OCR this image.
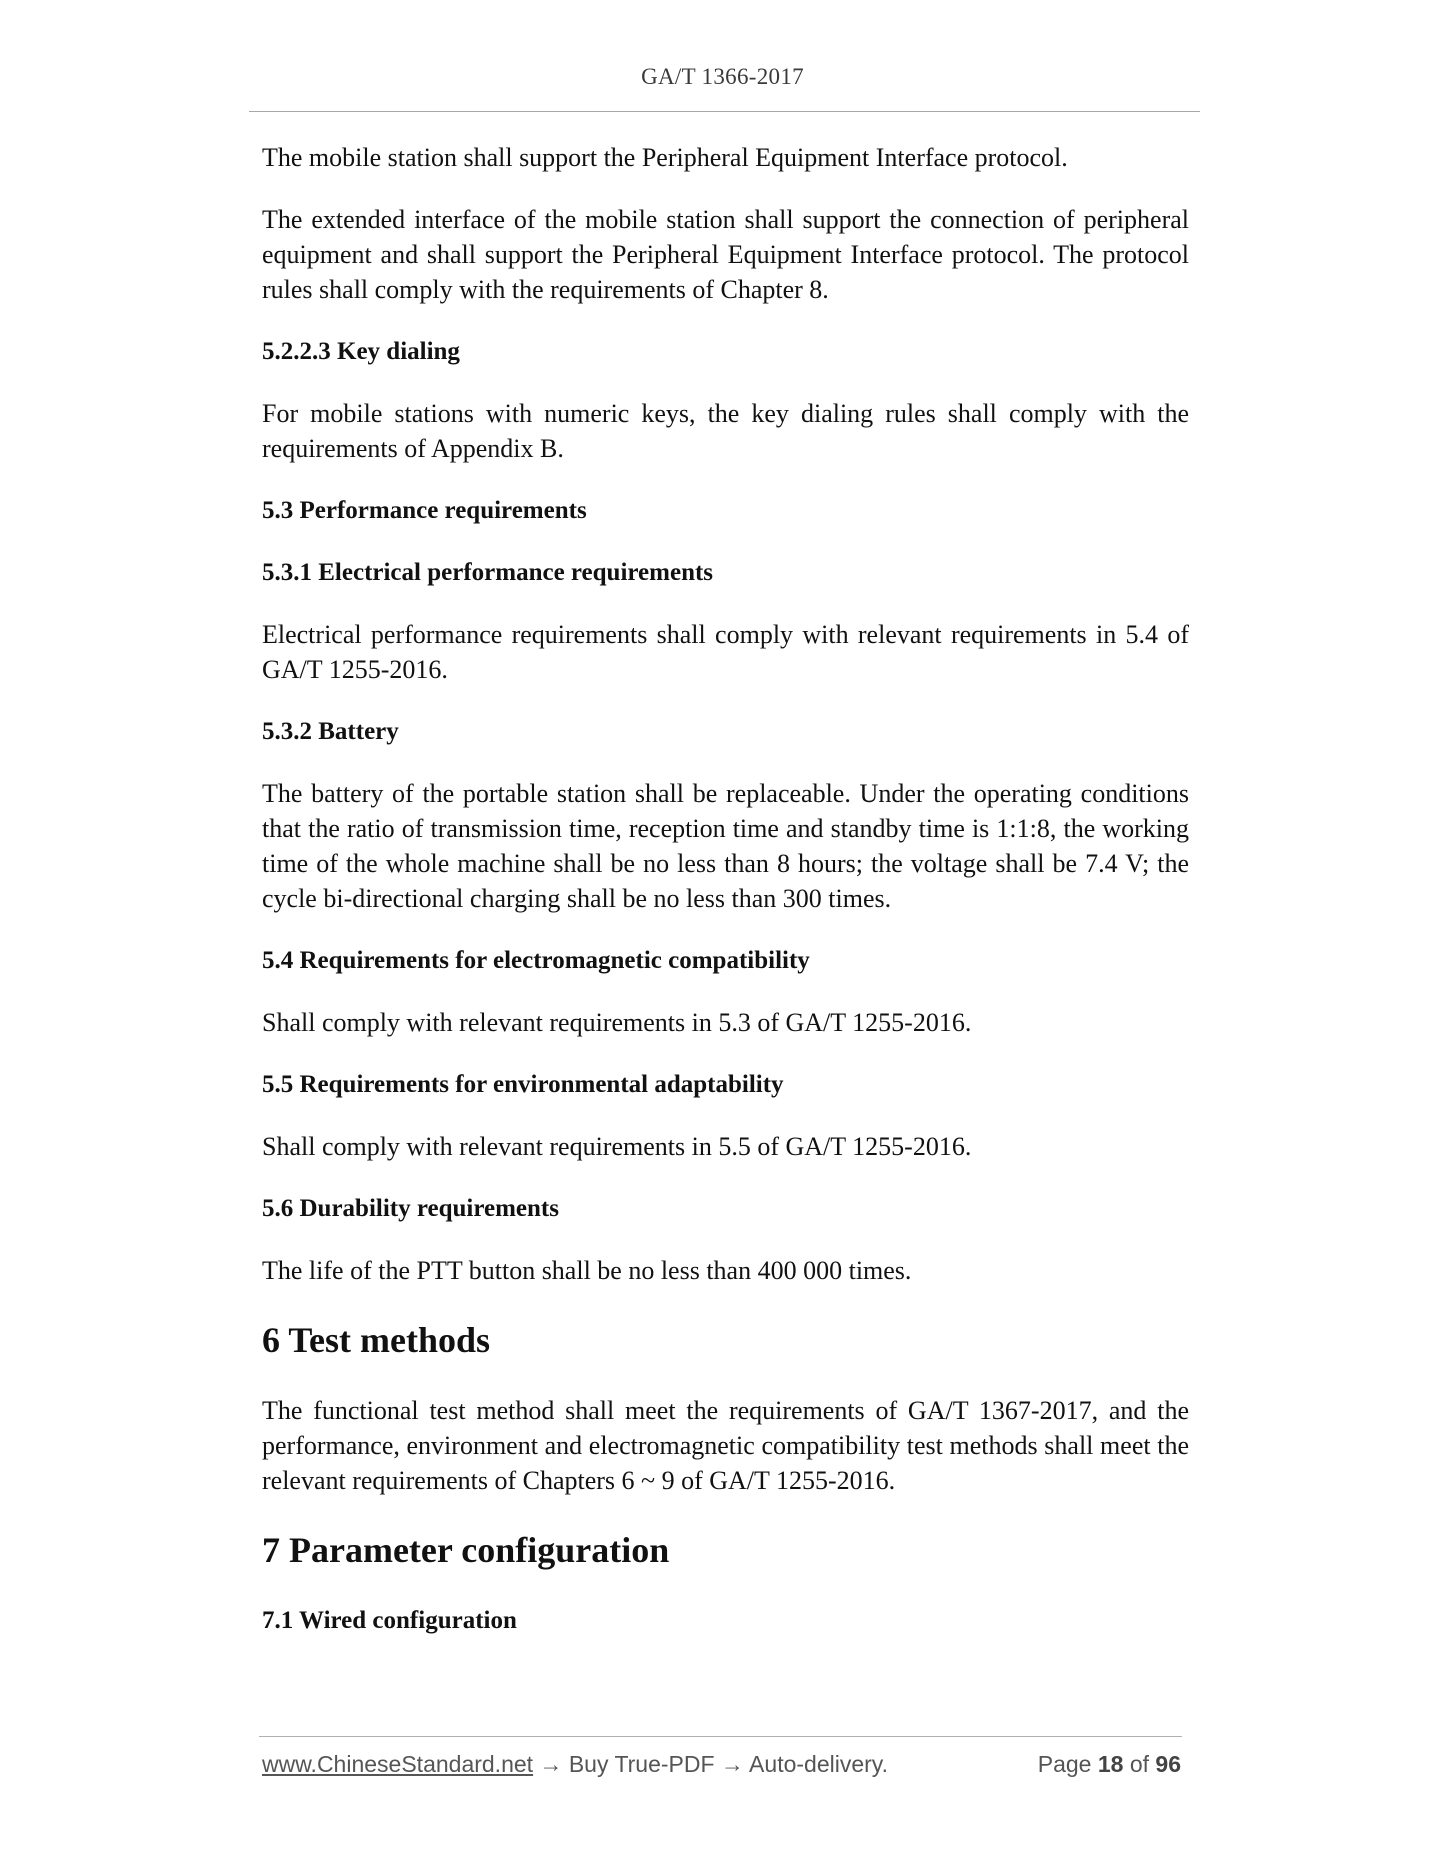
GA/T 1366-2017

The mobile station shall support the Peripheral Equipment Interface protocol.

The extended interface of the mobile station shall support the connection of peripheral equipment and shall support the Peripheral Equipment Interface protocol. The protocol rules shall comply with the requirements of Chapter 8.

5.2.2.3 Key dialing

For mobile stations with numeric keys, the key dialing rules shall comply with the requirements of Appendix B.

5.3 Performance requirements
5.3.1 Electrical performance requirements

Electrical performance requirements shall comply with relevant requirements in 5.4 of GA/T 1255-2016.

5.3.2 Battery

The battery of the portable station shall be replaceable. Under the operating conditions that the ratio of transmission time, reception time and standby time is 1:1:8, the working time of the whole machine shall be no less than 8 hours; the voltage shall be 7.4 V; the cycle bi-directional charging shall be no less than 300 times.

5.4 Requirements for electromagnetic compatibility

Shall comply with relevant requirements in 5.3 of GA/T 1255-2016.

5.5 Requirements for environmental adaptability

Shall comply with relevant requirements in 5.5 of GA/T 1255-2016.

5.6 Durability requirements

The life of the PTT button shall be no less than 400 000 times.

6 Test methods

The functional test method shall meet the requirements of GA/T 1367-2017, and the performance, environment and electromagnetic compatibility test methods shall meet the relevant requirements of Chapters 6 ~ 9 of GA/T 1255-2016.

7 Parameter configuration
7.1 Wired configuration
www.ChineseStandard.net → Buy True-PDF → Auto-delivery.	Page 18 of 96
